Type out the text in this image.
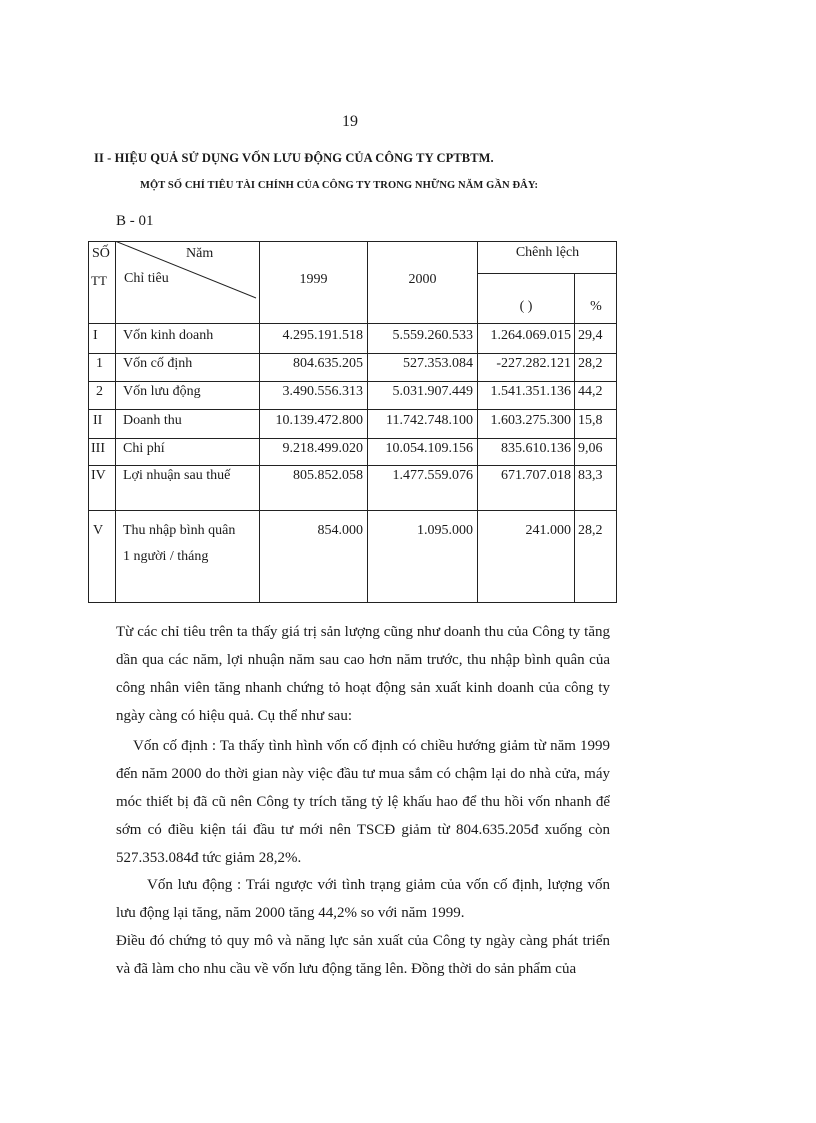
19
II - HIỆU QUẢ SỬ DỤNG VỐN LƯU ĐỘNG CỦA CÔNG TY CPTBTM.
MỘT SỐ CHỈ TIÊU TÀI CHÍNH CỦA CÔNG TY TRONG NHỮNG NĂM GẦN ĐÂY:
B - 01
SỐ
TT
Năm
Chỉ tiêu	1999	2000
Chênh lệch
( )	%
I Vốn kinh doanh	4.295.191.518	5.559.260.533	1.264.069.015 29,4
1 Vốn cố định	804.635.205	527.353.084	-227.282.121 28,2
2 Vốn lưu động	3.490.556.313	5.031.907.449	1.541.351.136 44,2
II Doanh thu	10.139.472.800	11.742.748.100	1.603.275.300 15,8
III Chi phí	9.218.499.020	10.054.109.156	835.610.136 9,06
IV Lợi nhuận sau thuế	805.852.058	1.477.559.076	671.707.018 83,3
V Thu nhập bình quân
1 người / tháng
854.000	1.095.000	241.000 28,2

Từ các chỉ tiêu trên ta thấy giá trị sản lượng cũng như doanh thu của Công ty tăng dần qua các năm, lợi nhuận năm sau cao hơn năm trước, thu nhập bình quân của công nhân viên tăng nhanh chứng tỏ hoạt động sản xuất kinh doanh của công ty ngày càng có hiệu quả. Cụ thể như sau:

Vốn cố định : Ta thấy tình hình vốn cố định có chiều hướng giảm từ năm 1999 đến năm 2000 do thời gian này việc đầu tư mua sắm có chậm lại do nhà cửa, máy móc thiết bị đã cũ nên Công ty trích tăng tỷ lệ khấu hao để thu hồi vốn nhanh để sớm có điều kiện tái đầu tư mới nên TSCĐ giảm từ 804.635.205đ xuống còn 527.353.084đ tức giảm 28,2%.

Vốn lưu động : Trái ngược với tình trạng giảm của vốn cố định, lượng vốn lưu động lại tăng, năm 2000 tăng 44,2% so với năm 1999.

Điều đó chứng tỏ quy mô và năng lực sản xuất của Công ty ngày càng phát triển và đã làm cho nhu cầu về vốn lưu động tăng lên. Đồng thời do sản phẩm của
